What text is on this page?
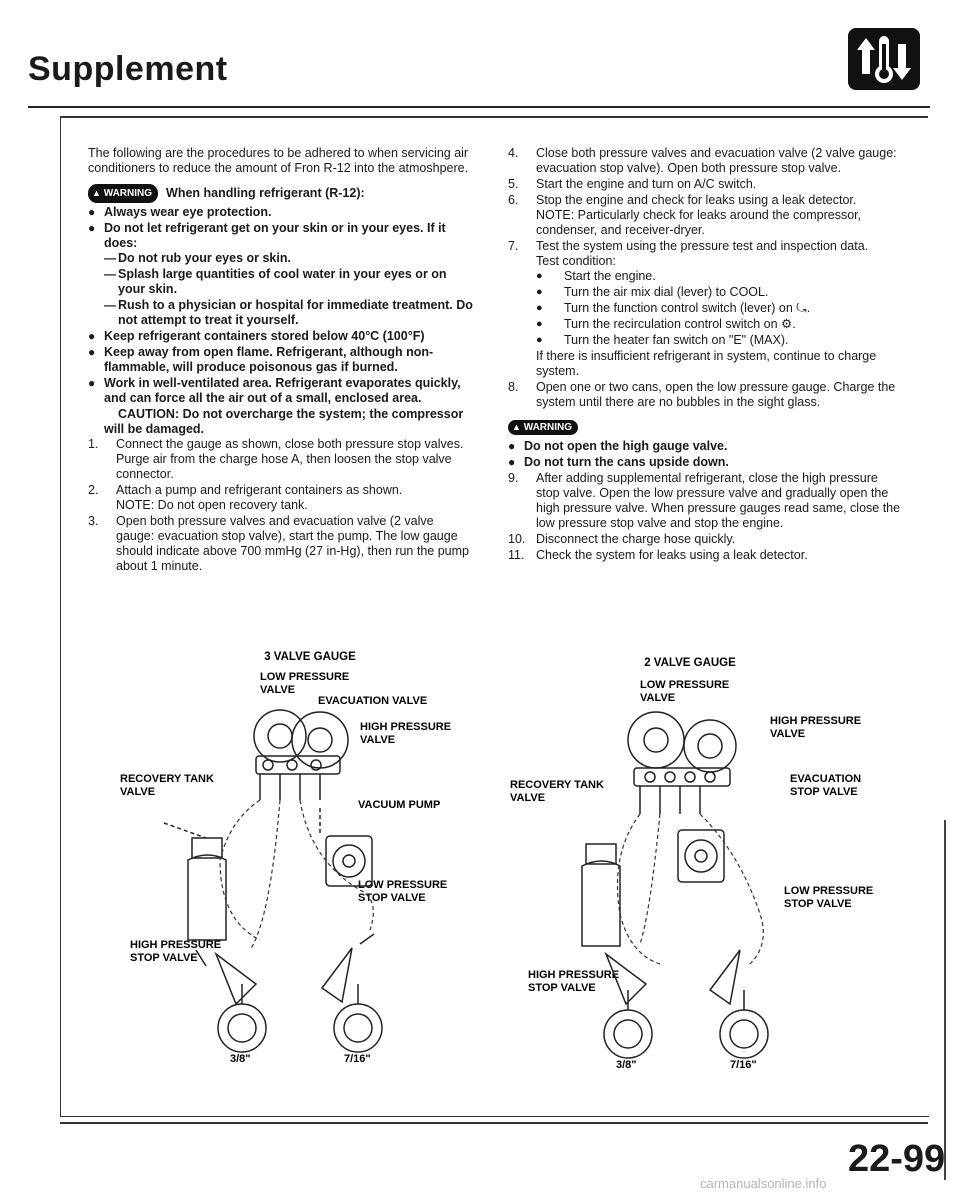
Supplement

The following are the procedures to be adhered to when servicing air conditioners to reduce the amount of Fron R-12 into the atmoshpere.

▲ WARNING	When handling refrigerant (R-12):
● Always wear eye protection.
● Do not let refrigerant get on your skin or in your eyes. If it does:
— Do not rub your eyes or skin.
— Splash large quantities of cool water in your eyes or on your skin.
— Rush to a physician or hospital for immediate treatment. Do not attempt to treat it yourself.
● Keep refrigerant containers stored below 40°C (100°F)
● Keep away from open flame. Refrigerant, although non-flammable, will produce poisonous gas if burned.
● Work in well-ventilated area. Refrigerant evaporates quickly, and can force all the air out of a small, enclosed area.
CAUTION: Do not overcharge the system; the compressor will be damaged.
1. Connect the gauge as shown, close both pressure stop valves. Purge air from the charge hose A, then loosen the stop valve connector.
2. Attach a pump and refrigerant containers as shown.
NOTE: Do not open recovery tank.
3. Open both pressure valves and evacuation valve (2 valve gauge: evacuation stop valve), start the pump. The low gauge should indicate above 700 mmHg (27 in-Hg), then run the pump about 1 minute.
4. Close both pressure valves and evacuation valve (2 valve gauge: evacuation stop valve). Open both pressure stop valve.
5. Start the engine and turn on A/C switch.
6. Stop the engine and check for leaks using a leak detector.
NOTE: Particularly check for leaks around the compressor, condenser, and receiver-dryer.
7. Test the system using the pressure test and inspection data.
Test condition:
● Start the engine.
● Turn the air mix dial (lever) to COOL.
● Turn the function control switch (lever) on ⤿.
● Turn the recirculation control switch on ⚙.
● Turn the heater fan switch on "E" (MAX).
If there is insufficient refrigerant in system, continue to charge system.
8. Open one or two cans, open the low pressure gauge. Charge the system until there are no bubbles in the sight glass.
▲ WARNING
● Do not open the high gauge valve.
● Do not turn the cans upside down.
9. After adding supplemental refrigerant, close the high pressure stop valve. Open the low pressure valve and gradually open the high pressure valve. When pressure gauges read same, close the low pressure stop valve and stop the engine.
10. Disconnect the charge hose quickly.
11. Check the system for leaks using a leak detector.
3 VALVE GAUGE
LOW PRESSURE
VALVE
EVACUATION VALVE
HIGH PRESSURE
VALVE
RECOVERY TANK
VALVE
VACUUM PUMP
LOW PRESSURE
STOP VALVE
HIGH PRESSURE
STOP VALVE
3/8"	7/16"
2 VALVE GAUGE
LOW PRESSURE
VALVE
HIGH PRESSURE
VALVE
EVACUATION
STOP VALVE
RECOVERY TANK
VALVE
LOW PRESSURE
STOP VALVE
HIGH PRESSURE
STOP VALVE
3/8"	7/16"
22-99
carmanualsonline.info
